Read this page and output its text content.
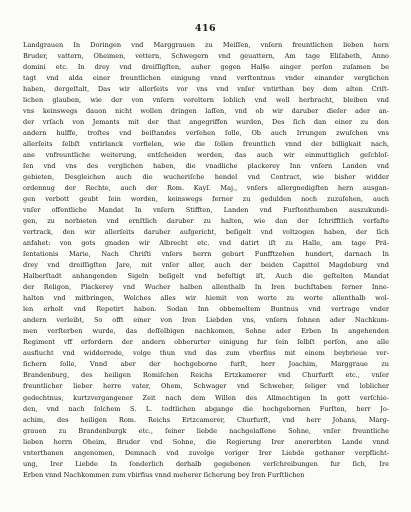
416
Landgrauen In Doringen vnd Marggrauen zu Meiſſen, vnſern freuntlichen lieben hern
Bruder, vattern, Oheimen, vettern, Schwegern vnd geuattern, Am tage Eliſabeth, Anno
domini etc. In drey vnd dreiſſigſten, auher gegen Hal§e ainger perſon zuſamen be
tagt vnd alda einer freuntlichen einigung vnnd verſtentnus vnder einander verglichen
haben, dergeſtalt, Das wir allerſeits vor vns vnd vnſer vntirthan bey dem alten Criſt-
lichen glauben, wie der von vnſern voreltern loblich vnd woll herbracht, bleiben vnd
vns keinswegs dauon nicht wollen dringen laſſen, vnd ob wir daruber dieſer ader an-
der vrſach von Jemants mit der that angegriffen wurden, Des ſich dan einer zu den
andern hulffe, troſtes vnd beiſtandes verſehen ſolle, Ob auch Irrungen zwuſchen vns
allerſeits ſelbſt vntirlanck vorfielen, wie die ſollen freuntlich vnnd der billigkait nach,
ane vnfreuntliche weiterung, entſcheiden werden, das auch wir einmuttiglich geſchloſ-
ſen vnd vns des verglichen haben, die vnadliche plackerey Inn vnſern Landen vnd
gebieten, Desgleichen auch die wucheriſche hendel vnd Contract, wie bisher widder
ordennug der Rechte, auch der Rom. Kayſ. Maj., vnſers allergnedigſten hern ausgan-
gen verbott geubt ſein worden, keinswegs ferner zu gedulden noch zuzuſehen, auch
vnſer offentliche Mandat In vnſern Stifften, Landen vnd Furſtenthumben auszukundi-
gen, zu norbieten vnd ernſtlich daruber zu halten, wie dan der ſchrifftlich verfaſte
vertrack, den wir allerſeits daruber aufgericht, beſigelt vnd voltzogen haben, der ſich
anfahet: von gots gnaden wir Albrecht etc. vnd datirt iſt zu Halle, am tage Prä-
ſentationis Marie, Nach Chriſti vnſers herrn geburt Funfftzehen hundert, darnach In
drey vnd dreiſſigſten Jare, mit vnſer aller, auch der beiden Capittel Magdeburg vnd
Halberſtadt anhangenden Sigeln beſigelt vnd befeſtigt iſt, Auch die geſtelten Mandat
der Religon, Plackerey vnd Wucher halben allenthalb In Iren buchſtaben ferner Inne-
halten vnd mitbringen, Welches alles wir hiemit von worte zu worte allenthalb wol-
len erholt vnd Repetirt haben. Sodan Inn obbemeltem Buntnus vnd vertrage vnder
andern verleibt, So offt einer von Iren Liebden vns, vnſern ſohnen ader Nachkum-
men verſterben wurde, das deſſelbigen nachkomen, Sohne ader Erben In angehenden
Regiment vff erfordern der andern obberurter einigung fur ſein ſelbſt perſon, ane alle
ausfiucht vnd widderrede, volge thun vnd das zum vberfius mit einem beybrieue ver-
ſichern ſolle, Vnnd aber der hochgeborne furſt, herr Joachim, Marggraue zu
Brandenburg, des heiligen Romiſchen Reichs Ertzkamerer vnd Churfurſt etc., vnſer
freuntlicher lieber herre vater, Ohem, Schwager vnd Schweher, ſeliger vnd loblicher
gedechtnus, kurtzvergangener Zeit nach dem Willen des Allmechtigen In gott verſchie-
den, vnd nach ſolchem S. L. todtlichen abgange die hochgebornen Furſten, herr Jo-
achim, des heiligen Rom. Reichs Ertzcamerer, Churfurſt, vnd herr Johans, Marg-
grauen zu Brandenburgk etc., ſeiner liebde nachgelaſſene Sohne, vnſer freuntliche
lieben herrn Oheim, Bruder vnd Sohne, die Regierung Irer anererbten Lande vnnd
vnterthanen angenomen, Demnach vnd zuvolge voriger Irer Liebde gethaner verpflicht-
ung, Irer Liebde In ſonderlich derhalb gegebenen verſchreibungen fur ſich, Ire
Erben vnnd Nachkommen zum vbirfius vnnd meherer ſicherung bey Iren Furſtlichen
